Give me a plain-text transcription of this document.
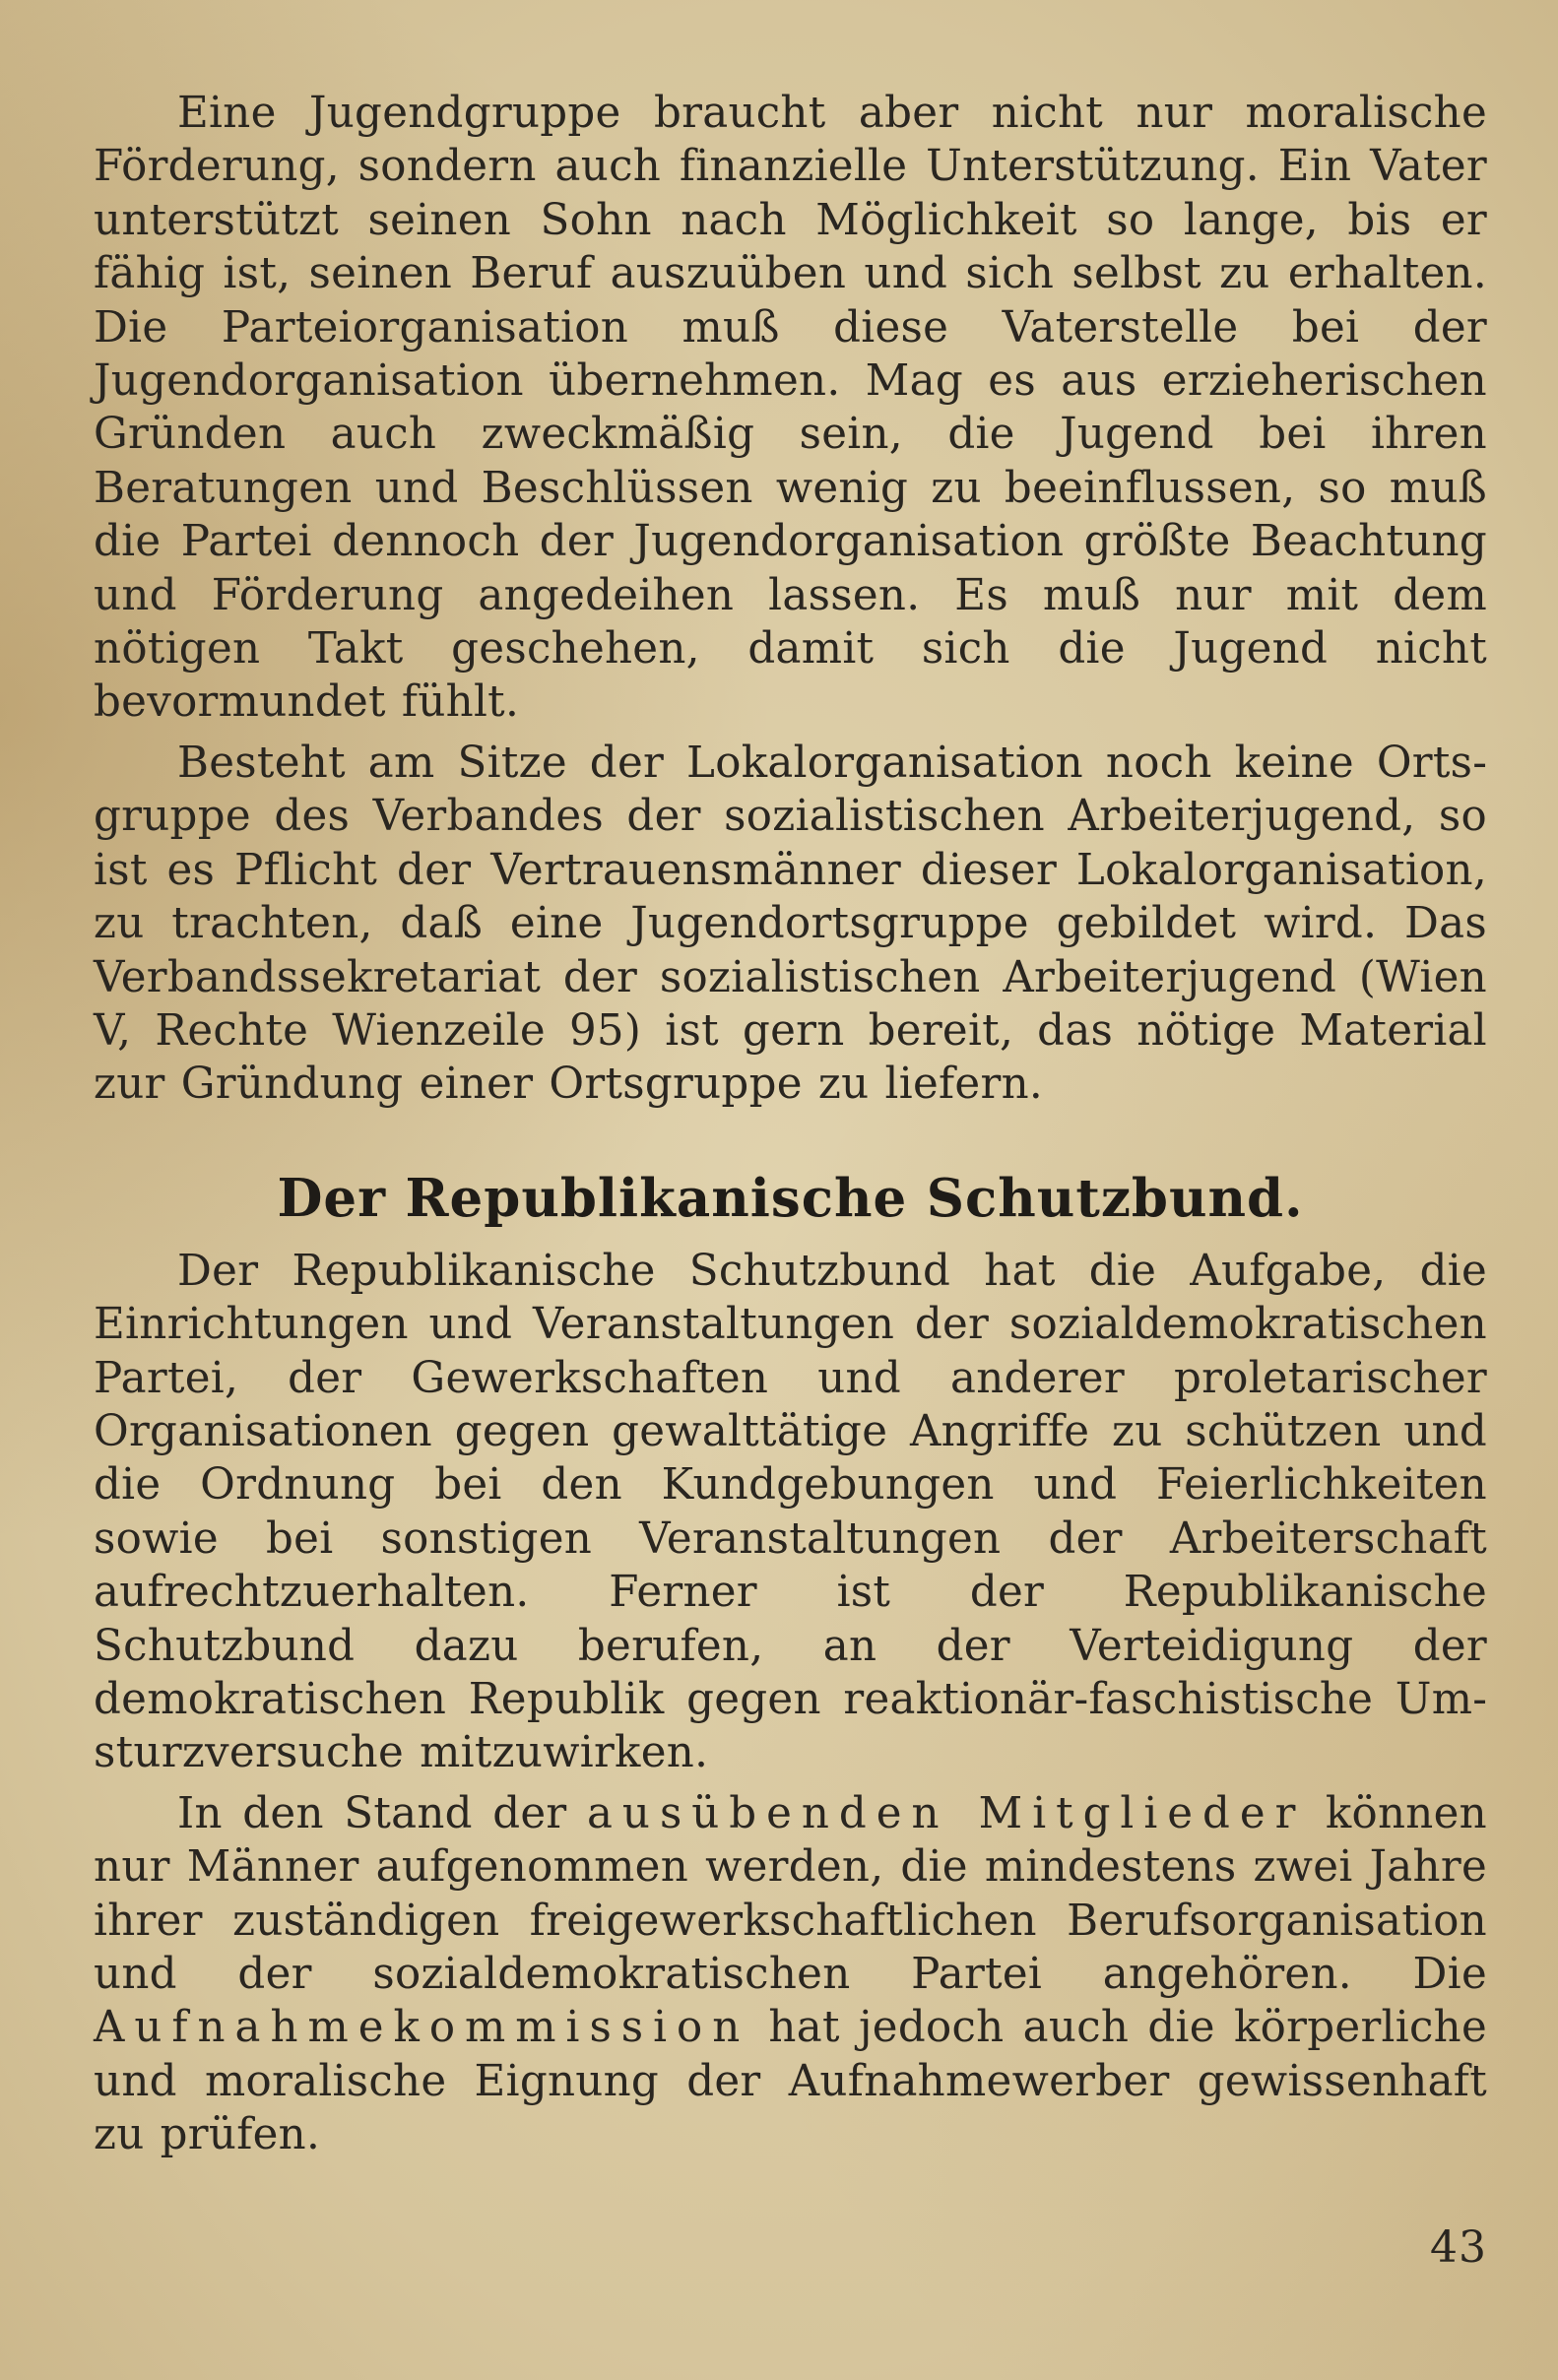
Eine Jugendgruppe braucht aber nicht nur moralische Förderung, sondern auch finanzielle Unterstützung. Ein Vater unterstützt seinen Sohn nach Möglichkeit so lange, bis er fähig ist, seinen Beruf auszuüben und sich selbst zu erhalten. Die Parteiorganisation muß diese Vaterstelle bei der Jugendorganisation übernehmen. Mag es aus erzieherischen Gründen auch zweckmäßig sein, die Jugend bei ihren Beratungen und Beschlüssen wenig zu beeinflussen, so muß die Partei dennoch der Jugendorganisation größte Beachtung und Förderung angedeihen lassen. Es muß nur mit dem nötigen Takt geschehen, damit sich die Jugend nicht bevormundet fühlt.

Besteht am Sitze der Lokalorganisation noch keine Ortsgruppe des Verbandes der sozialistischen Arbeiterjugend, so ist es Pflicht der Vertrauensmänner dieser Lokalorganisation, zu trachten, daß eine Jugendortsgruppe gebildet wird. Das Verbandssekretariat der sozialistischen Arbeiterjugend (Wien V, Rechte Wienzeile 95) ist gern bereit, das nötige Material zur Gründung einer Ortsgruppe zu liefern.

Der Republikanische Schutzbund.

Der Republikanische Schutzbund hat die Aufgabe, die Einrichtungen und Veranstaltungen der sozialdemokratischen Partei, der Gewerkschaften und anderer proletarischer Organisationen gegen gewalttätige Angriffe zu schützen und die Ordnung bei den Kundgebungen und Feierlichkeiten sowie bei sonstigen Veranstaltungen der Arbeiterschaft aufrechtzuerhalten. Ferner ist der Republikanische Schutzbund dazu berufen, an der Verteidigung der demokratischen Republik gegen reaktionär-faschistische Umsturzversuche mitzuwirken.

In den Stand der ausübenden Mitglieder können nur Männer aufgenommen werden, die mindestens zwei Jahre ihrer zuständigen freigewerkschaftlichen Berufsorganisation und der sozialdemokratischen Partei angehören. Die Aufnahmekommission hat jedoch auch die körperliche und moralische Eignung der Aufnahmewerber gewissenhaft zu prüfen.

43
